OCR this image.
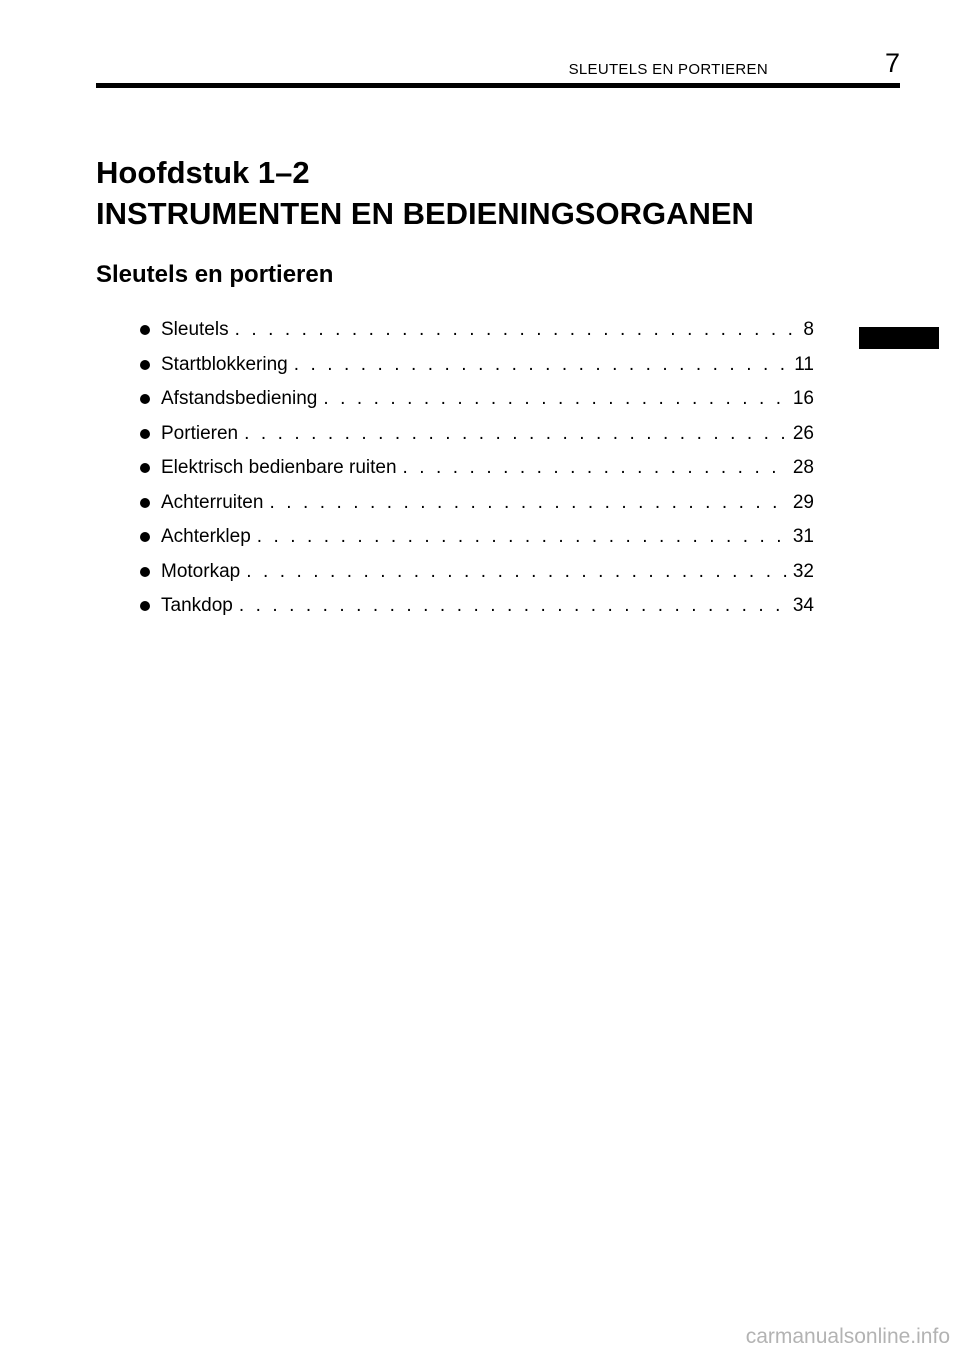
SLEUTELS EN PORTIEREN	7
Hoofdstuk 1–2
INSTRUMENTEN EN BEDIENINGSORGANEN
Sleutels en portieren
Sleutels . . .	8
Startblokkering . . .	11
Afstandsbediening . . .	16
Portieren . . .	26
Elektrisch bedienbare ruiten . . .	28
Achterruiten . . .	29
Achterklep . . .	31
Motorkap . . .	32
Tankdop . . .	34
carmanualsonline.info
